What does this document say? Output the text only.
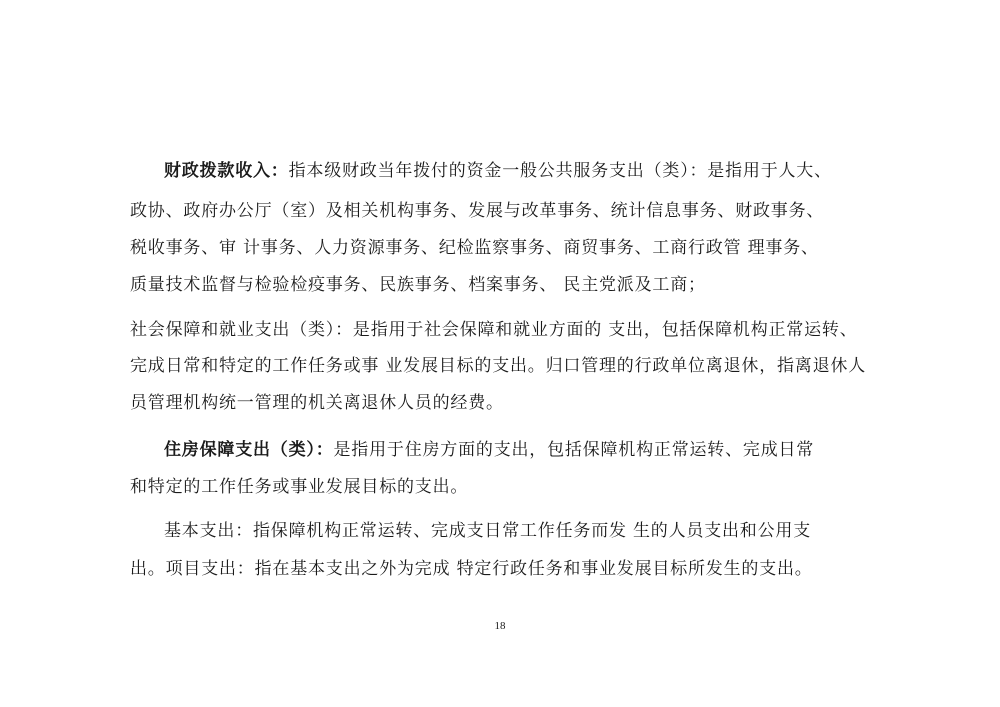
财政拨款收入：指本级财政当年拨付的资金一般公共服务支出（类）：是指用于人大、
政协、政府办公厅（室）及相关机构事务、发展与改革事务、统计信息事务、财政事务、
税收事务、审 计事务、人力资源事务、纪检监察事务、商贸事务、工商行政管 理事务、
质量技术监督与检验检疫事务、民族事务、档案事务、 民主党派及工商；
社会保障和就业支出（类）：是指用于社会保障和就业方面的 支出，包括保障机构正常运转、
完成日常和特定的工作任务或事 业发展目标的支出。归口管理的行政单位离退休，指离退休人
员管理机构统一管理的机关离退休人员的经费。
住房保障支出（类）：是指用于住房方面的支出，包括保障机构正常运转、完成日常
和特定的工作任务或事业发展目标的支出。
基本支出：指保障机构正常运转、完成支日常工作任务而发 生的人员支出和公用支
出。项目支出：指在基本支出之外为完成 特定行政任务和事业发展目标所发生的支出。
18
